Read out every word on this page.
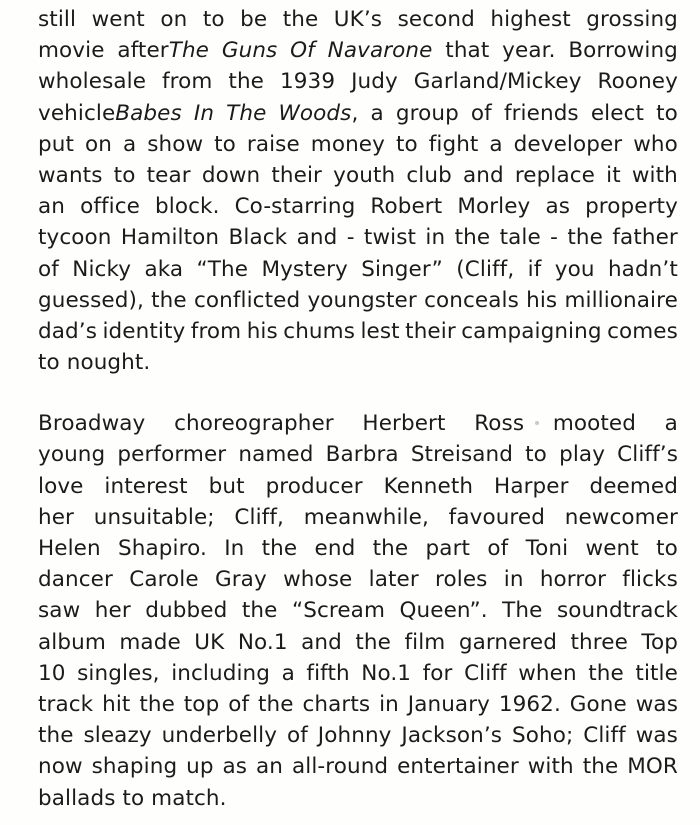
still went on to be the UK’s second highest grossing
movie afterThe Guns Of Navarone that year. Borrowing
wholesale from the 1939 Judy Garland/Mickey Rooney
vehicleBabes In The Woods, a group of friends elect to
put on a show to raise money to fight a developer who
wants to tear down their youth club and replace it with
an office block. Co-starring Robert Morley as property
tycoon Hamilton Black and - twist in the tale - the father
of Nicky aka “The Mystery Singer” (Cliff, if you hadn’t
guessed), the conflicted youngster conceals his millionaire
dad’s identity from his chums lest their campaigning comes
to nought.
Broadway choreographer Herbert Ross mooted a
young performer named Barbra Streisand to play Cliff’s
love interest but producer Kenneth Harper deemed
her unsuitable; Cliff, meanwhile, favoured newcomer
Helen Shapiro. In the end the part of Toni went to
dancer Carole Gray whose later roles in horror flicks
saw her dubbed the “Scream Queen”. The soundtrack
album made UK No.1 and the film garnered three Top
10 singles, including a fifth No.1 for Cliff when the title
track hit the top of the charts in January 1962. Gone was
the sleazy underbelly of Johnny Jackson’s Soho; Cliff was
now shaping up as an all-round entertainer with the MOR
ballads to match.
